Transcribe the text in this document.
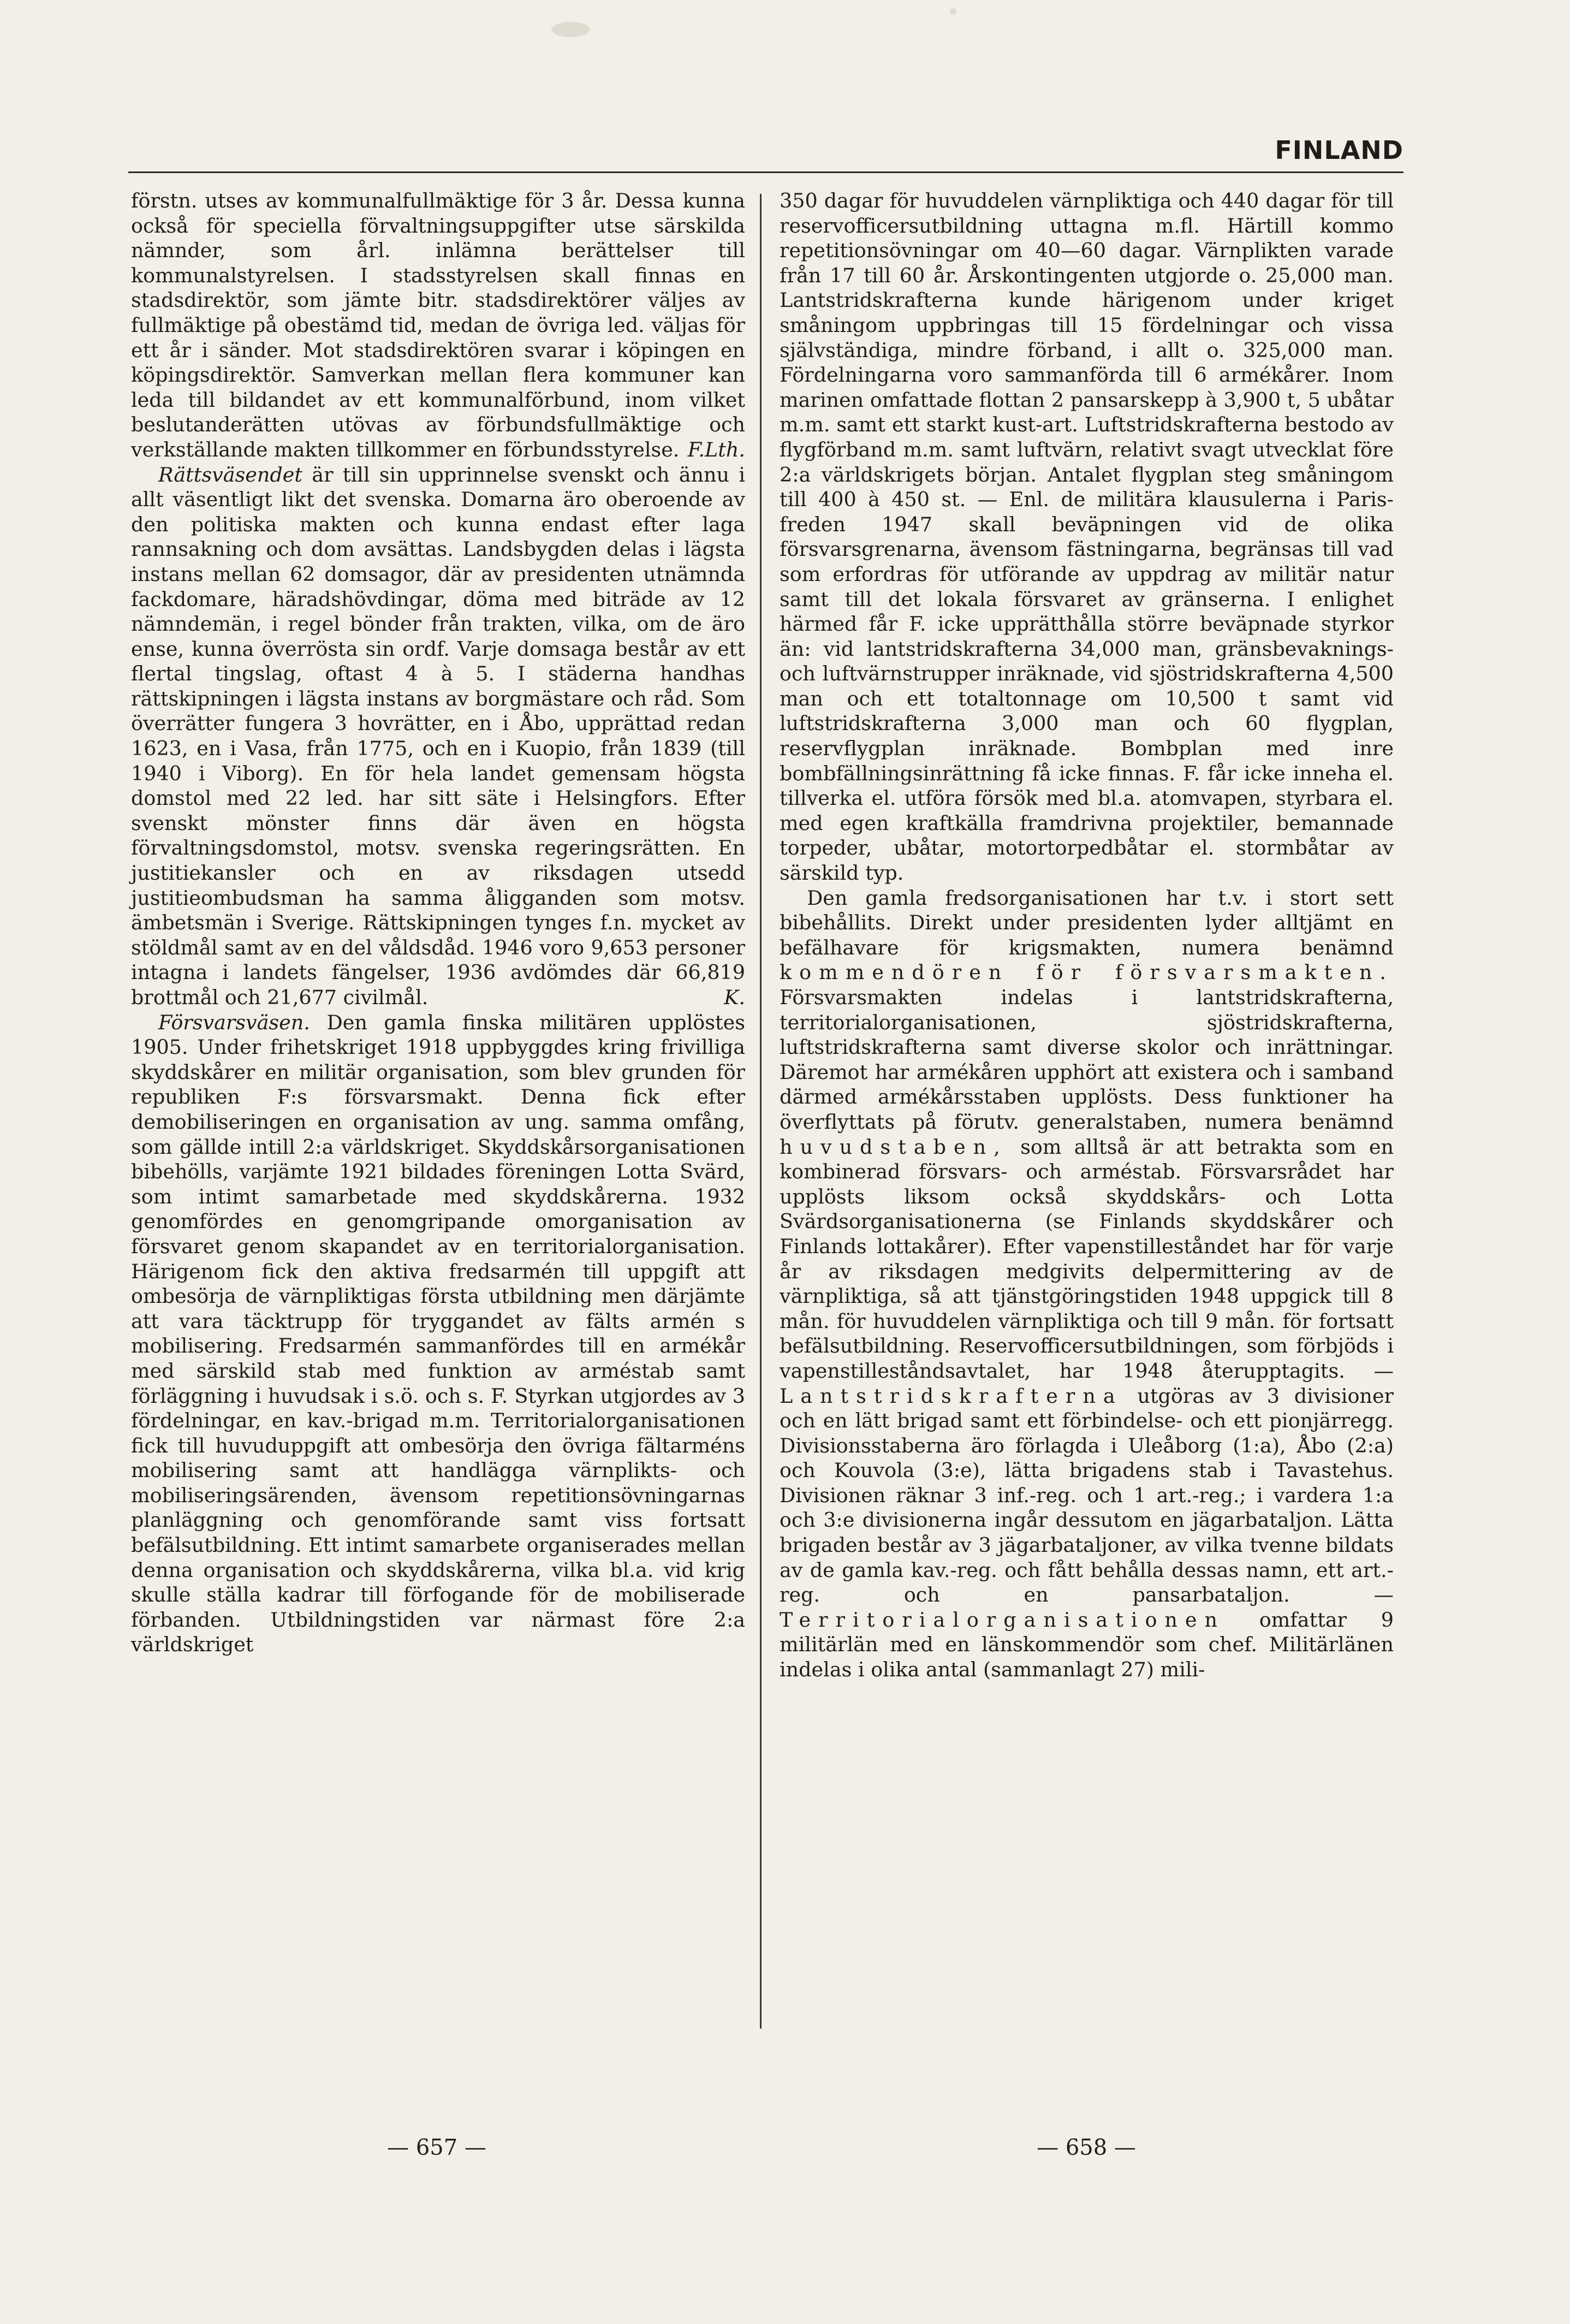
FINLAND

förstn. utses av kommunalfullmäktige för 3 år. Dessa kunna också för speciella förvaltningsuppgifter utse särskilda nämnder, som årl. inlämna berättelser till kommunalstyrelsen. I stadsstyrelsen skall finnas en stadsdirektör, som jämte bitr. stadsdirektörer väljes av fullmäktige på obestämd tid, medan de övriga led. väljas för ett år i sänder. Mot stadsdirektören svarar i köpingen en köpingsdirektör. Samverkan mellan flera kommuner kan leda till bildandet av ett kommunalförbund, inom vilket beslutanderätten utövas av förbundsfullmäktige och verkställande makten tillkommer en förbundsstyrelse. F.Lth.

Rättsväsendet är till sin upprinnelse svenskt och ännu i allt väsentligt likt det svenska. Domarna äro oberoende av den politiska makten och kunna endast efter laga rannsakning och dom avsättas. Landsbygden delas i lägsta instans mellan 62 domsagor, där av presidenten utnämnda fackdomare, häradshövdingar, döma med biträde av 12 nämndemän, i regel bönder från trakten, vilka, om de äro ense, kunna överrösta sin ordf. Varje domsaga består av ett flertal tingslag, oftast 4 à 5. I städerna handhas rättskipningen i lägsta instans av borgmästare och råd. Som överrätter fungera 3 hovrätter, en i Åbo, upprättad redan 1623, en i Vasa, från 1775, och en i Kuopio, från 1839 (till 1940 i Viborg). En för hela landet gemensam högsta domstol med 22 led. har sitt säte i Helsingfors. Efter svenskt mönster finns där även en högsta förvaltningsdomstol, motsv. svenska regeringsrätten. En justitiekansler och en av riksdagen utsedd justitieombudsman ha samma åligganden som motsv. ämbetsmän i Sverige. Rättskipningen tynges f.n. mycket av stöldmål samt av en del våldsdåd. 1946 voro 9,653 personer intagna i landets fängelser, 1936 avdömdes där 66,819 brottmål och 21,677 civilmål.	K.

Försvarsväsen. Den gamla finska militären upplöstes 1905. Under frihetskriget 1918 uppbyggdes kring frivilliga skyddskårer en militär organisation, som blev grunden för republiken F:s försvarsmakt. Denna fick efter demobiliseringen en organisation av ung. samma omfång, som gällde intill 2:a världskriget. Skyddskårsorganisationen bibehölls, varjämte 1921 bildades föreningen Lotta Svärd, som intimt samarbetade med skyddskårerna. 1932 genomfördes en genomgripande omorganisation av försvaret genom skapandet av en territorialorganisation. Härigenom fick den aktiva fredsarmén till uppgift att ombesörja de värnpliktigas första utbildning men därjämte att vara täcktrupp för tryggandet av fälts armén s mobilisering. Fredsarmén sammanfördes till en armékår med särskild stab med funktion av arméstab samt förläggning i huvudsak i s.ö. och s. F. Styrkan utgjordes av 3 fördelningar, en kav.-brigad m.m. Territorialorganisationen fick till huvuduppgift att ombesörja den övriga fältarméns mobilisering samt att handlägga värnplikts- och mobiliseringsärenden, ävensom repetitionsövningarnas planläggning och genomförande samt viss fortsatt befälsutbildning. Ett intimt samarbete organiserades mellan denna organisation och skyddskårerna, vilka bl.a. vid krig skulle ställa kadrar till förfogande för de mobiliserade förbanden. Utbildningstiden var närmast före 2:a världskriget

350 dagar för huvuddelen värnpliktiga och 440 dagar för till reservofficersutbildning uttagna m.fl. Härtill kommo repetitionsövningar om 40—60 dagar. Värnplikten varade från 17 till 60 år. Årskontingenten utgjorde o. 25,000 man. Lantstridskrafterna kunde härigenom under kriget småningom uppbringas till 15 fördelningar och vissa självständiga, mindre förband, i allt o. 325,000 man. Fördelningarna voro sammanförda till 6 armékårer. Inom marinen omfattade flottan 2 pansarskepp à 3,900 t, 5 ubåtar m.m. samt ett starkt kust-art. Luftstridskrafterna bestodo av flygförband m.m. samt luftvärn, relativt svagt utvecklat före 2:a världskrigets början. Antalet flygplan steg småningom till 400 à 450 st. — Enl. de militära klausulerna i Paris-freden 1947 skall beväpningen vid de olika försvarsgrenarna, ävensom fästningarna, begränsas till vad som erfordras för utförande av uppdrag av militär natur samt till det lokala försvaret av gränserna. I enlighet härmed får F. icke upprätthålla större beväpnade styrkor än: vid lantstridskrafterna 34,000 man, gränsbevaknings- och luftvärnstrupper inräknade, vid sjöstridskrafterna 4,500 man och ett totaltonnage om 10,500 t samt vid luftstridskrafterna 3,000 man och 60 flygplan, reservflygplan inräknade. Bombplan med inre bombfällningsinrättning få icke finnas. F. får icke inneha el. tillverka el. utföra försök med bl.a. atomvapen, styrbara el. med egen kraftkälla framdrivna projektiler, bemannade torpeder, ubåtar, motortorpedbåtar el. stormbåtar av särskild typ.

Den gamla fredsorganisationen har t.v. i stort sett bibehållits. Direkt under presidenten lyder alltjämt en befälhavare för krigsmakten, numera benämnd kommendören för försvarsmakten. Försvarsmakten indelas i lantstridskrafterna, territorialorganisationen, sjöstridskrafterna, luftstridskrafterna samt diverse skolor och inrättningar. Däremot har armékåren upphört att existera och i samband därmed armékårsstaben upplösts. Dess funktioner ha överflyttats på förutv. generalstaben, numera benämnd huvudstaben, som alltså är att betrakta som en kombinerad försvars- och arméstab. Försvarsrådet har upplösts liksom också skyddskårs- och Lotta Svärdsorganisationerna (se Finlands skyddskårer och Finlands lottakårer). Efter vapenstilleståndet har för varje år av riksdagen medgivits delpermittering av de värnpliktiga, så att tjänstgöringstiden 1948 uppgick till 8 mån. för huvuddelen värnpliktiga och till 9 mån. för fortsatt befälsutbildning. Reservofficersutbildningen, som förbjöds i vapenstilleståndsavtalet, har 1948 återupptagits. — Lantstridskrafterna utgöras av 3 divisioner och en lätt brigad samt ett förbindelse- och ett pionjärregg. Divisionsstaberna äro förlagda i Uleåborg (1:a), Åbo (2:a) och Kouvola (3:e), lätta brigadens stab i Tavastehus. Divisionen räknar 3 inf.-reg. och 1 art.-reg.; i vardera 1:a och 3:e divisionerna ingår dessutom en jägarbataljon. Lätta brigaden består av 3 jägarbataljoner, av vilka tvenne bildats av de gamla kav.-reg. och fått behålla dessas namn, ett art.-reg. och en pansarbataljon. — Territorialorganisationen omfattar 9 militärlän med en länskommendör som chef. Militärlänen indelas i olika antal (sammanlagt 27) mili-

— 657 —	— 658 —
